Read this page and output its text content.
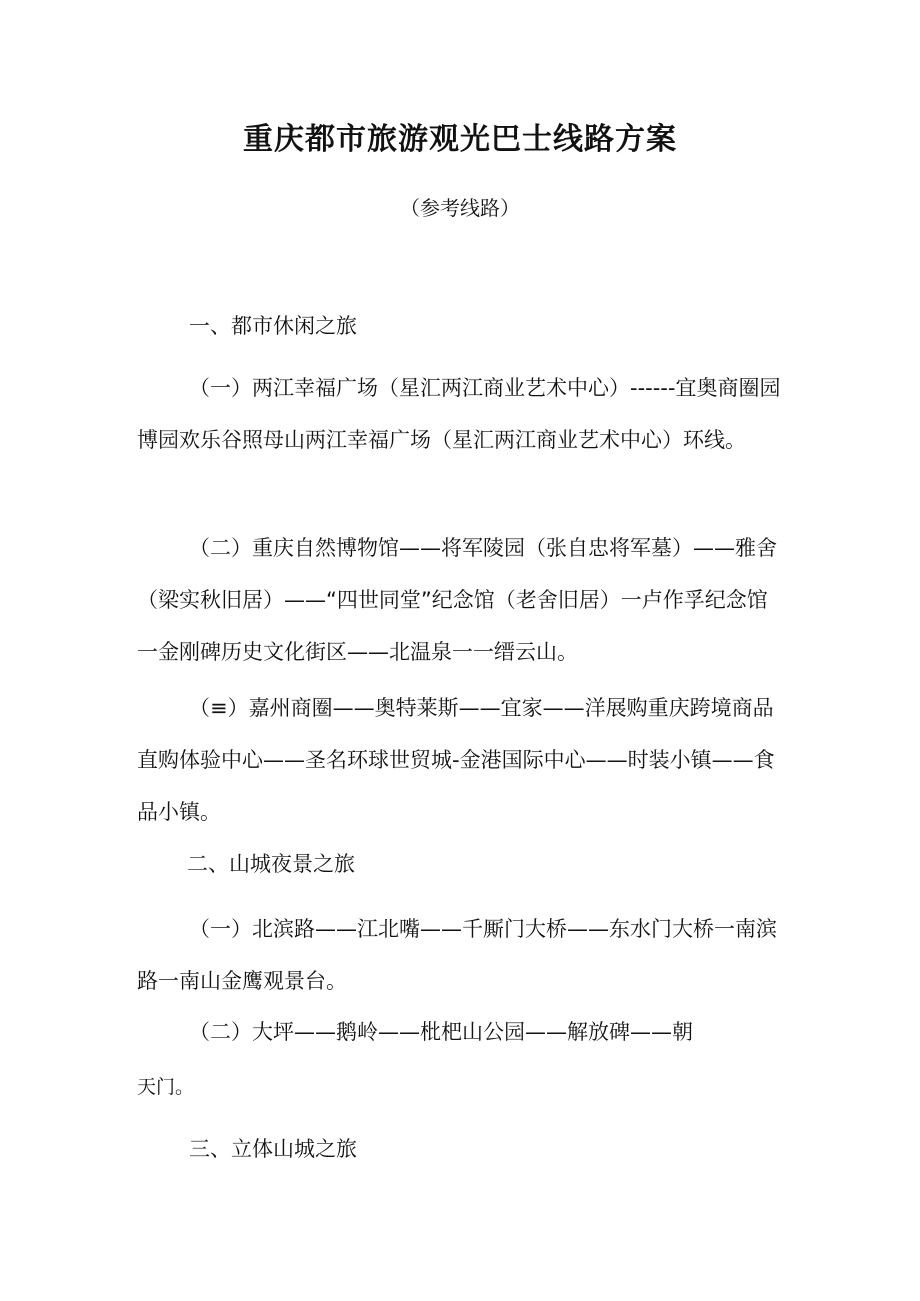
重庆都市旅游观光巴士线路方案
（参考线路）
一、都市休闲之旅
（一）两江幸福广场（星汇两江商业艺术中心）------宜奥商圈园博园欢乐谷照母山两江幸福广场（星汇两江商业艺术中心）环线。
（二）重庆自然博物馆——将军陵园（张自忠将军墓）——雅舍（梁实秋旧居）——“四世同堂”纪念馆（老舍旧居）一卢作孚纪念馆一金刚碑历史文化街区——北温泉一一缙云山。
（≡）嘉州商圈——奥特莱斯——宜家——洋展购重庆跨境商品直购体验中心——圣名环球世贸城-金港国际中心——时装小镇——食品小镇。
二、山城夜景之旅
（一）北滨路——江北嘴——千厮门大桥——东水门大桥一南滨路一南山金鹰观景台。
（二）大坪——鹅岭——枇杷山公园——解放碑——朝
天门。
三、立体山城之旅
